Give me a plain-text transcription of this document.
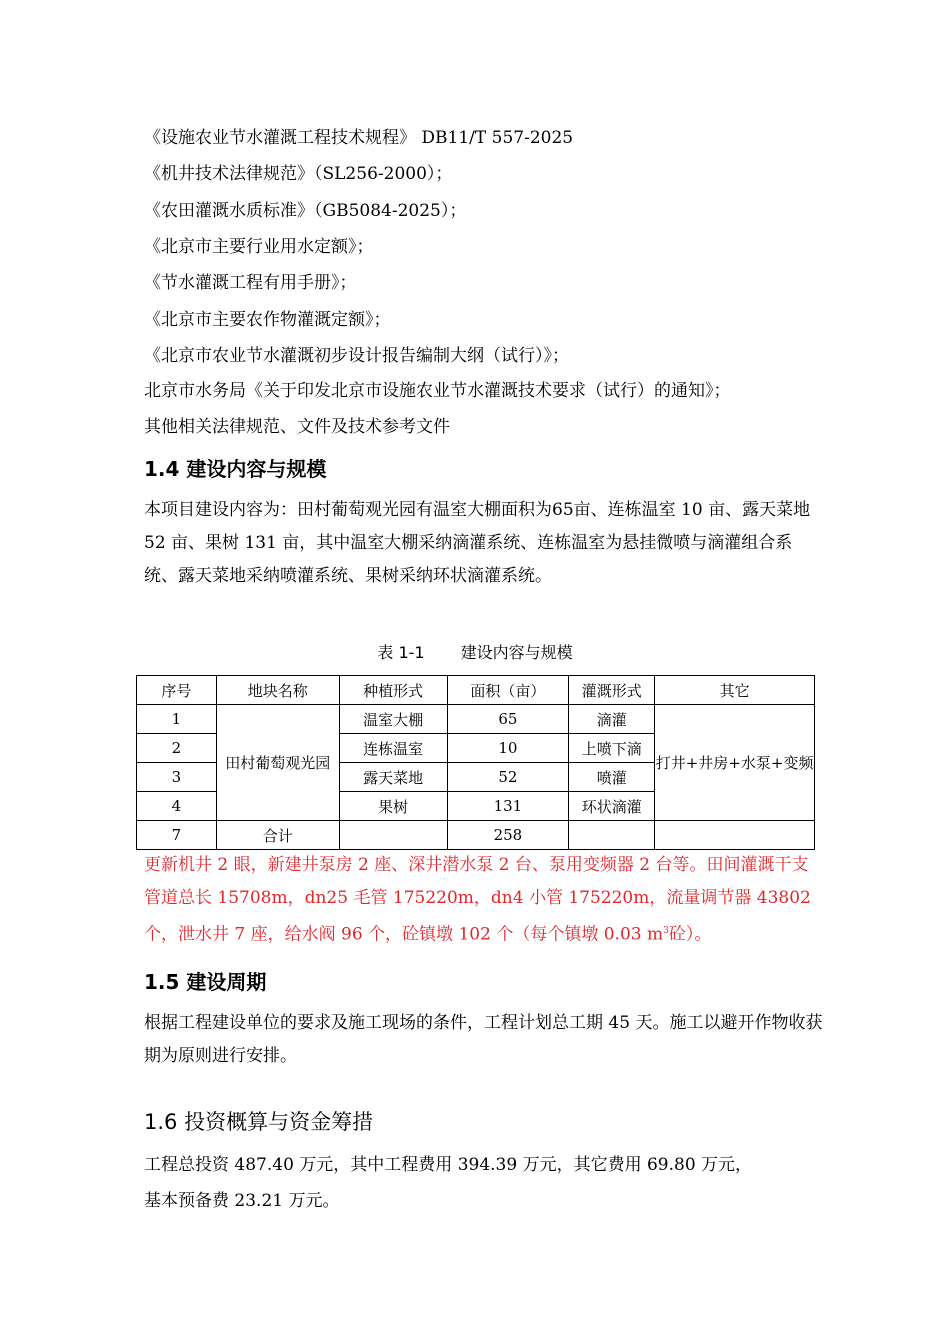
《设施农业节水灌溉工程技术规程》 DB11/T 557-2025
《机井技术法律规范》（SL256-2000）；
《农田灌溉水质标准》（GB5084-2025）；
《北京市主要行业用水定额》；
《节水灌溉工程有用手册》；
《北京市主要农作物灌溉定额》；
《北京市农业节水灌溉初步设计报告编制大纲（试行）》；
北京市水务局《关于印发北京市设施农业节水灌溉技术要求（试行）的通知》；
其他相关法律规范、文件及技术参考文件
1.4 建设内容与规模
本项目建设内容为：田村葡萄观光园有温室大棚面积为65亩、连栋温室 10 亩、露天菜地 52 亩、果树 131 亩，其中温室大棚采纳滴灌系统、连栋温室为悬挂微喷与滴灌组合系统、露天菜地采纳喷灌系统、果树采纳环状滴灌系统。
表 1-1 建设内容与规模
序号	地块名称	种植形式	面积（亩）	灌溉形式	其它
1	田村葡萄观光园	温室大棚	65	滴灌	打井+井房+水泵+变频
2		连栋温室	10	上喷下滴	
3		露天菜地	52	喷灌	
4		果树	131	环状滴灌	
7	合计		258		
更新机井 2 眼，新建井泵房 2 座、深井潜水泵 2 台、泵用变频器 2 台等。田间灌溉干支管道总长 15708m，dn25 毛管 175220m，dn4 小管 175220m，流量调节器 43802 个，泄水井 7 座，给水阀 96 个，砼镇墩 102 个（每个镇墩 0.03 $m^3$砼）。
1.5 建设周期
根据工程建设单位的要求及施工现场的条件，工程计划总工期 45 天。施工以避开作物收获期为原则进行安排。
1.6 投资概算与资金筹措
工程总投资 487.40 万元，其中工程费用 394.39 万元，其它费用 69.80 万元，
基本预备费 23.21 万元。
